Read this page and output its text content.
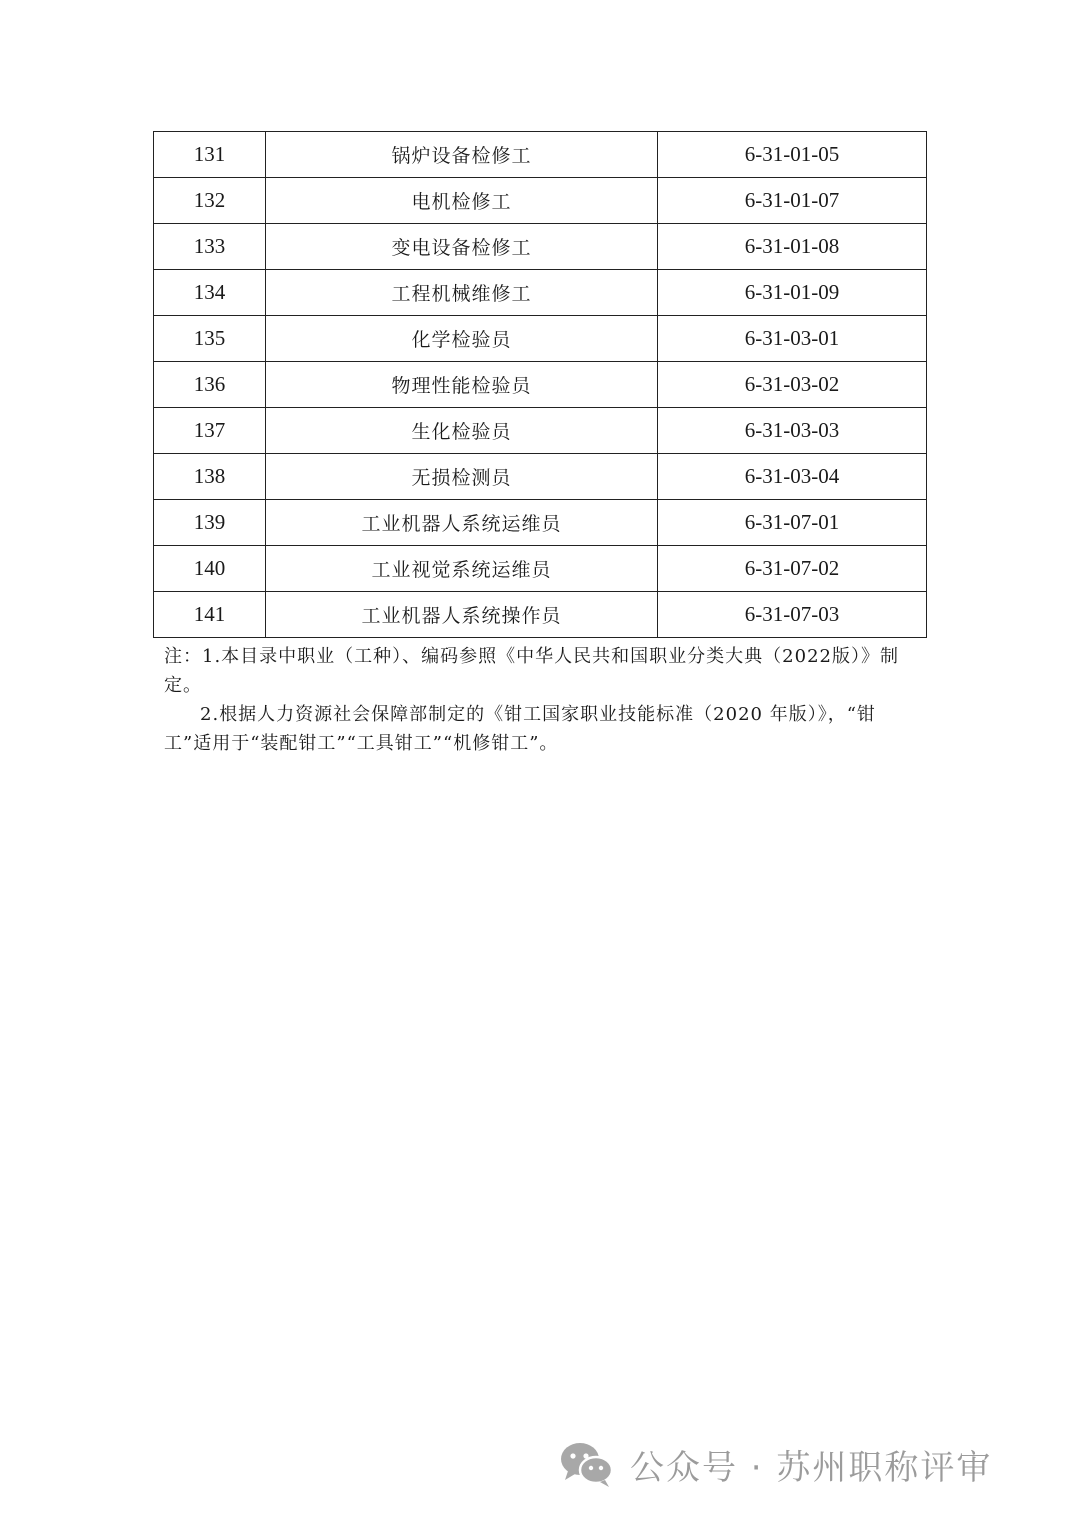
131	锅炉设备检修工	6-31-01-05
132	电机检修工	6-31-01-07
133	变电设备检修工	6-31-01-08
134	工程机械维修工	6-31-01-09
135	化学检验员	6-31-03-01
136	物理性能检验员	6-31-03-02
137	生化检验员	6-31-03-03
138	无损检测员	6-31-03-04
139	工业机器人系统运维员	6-31-07-01
140	工业视觉系统运维员	6-31-07-02
141	工业机器人系统操作员	6-31-07-03

注：1.本目录中职业（工种）、编码参照《中华人民共和国职业分类大典（2022版）》制定。

2.根据人力资源社会保障部制定的《钳工国家职业技能标准（2020 年版）》，“钳工”适用于“装配钳工”“工具钳工”“机修钳工”。

公众号 · 苏州职称评审
